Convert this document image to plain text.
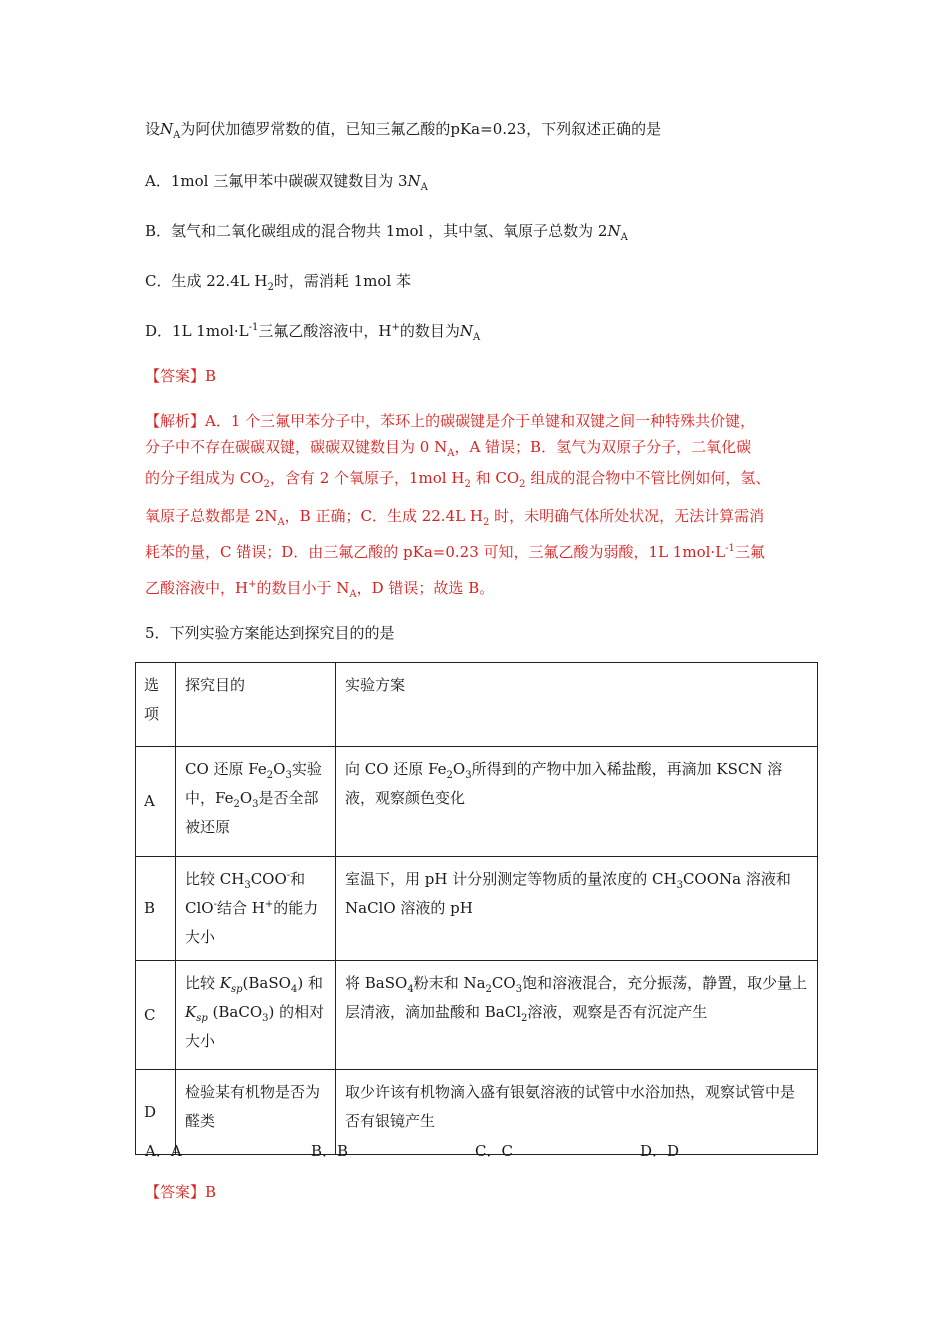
设$N_A$为阿伏加德罗常数的值，已知三氟乙酸的pKa=0.23，下列叙述正确的是
A．1mol 三氟甲苯中碳碳双键数目为 $3N_A$
B．氢气和二氧化碳组成的混合物共 1mol ，其中氢、氧原子总数为 $2N_A$
C．生成 22.4L $H_2$时，需消耗 1mol 苯
D．1L $1mol\cdot L^{-1}$三氟乙酸溶液中，H+的数目为$N_A$
【答案】B
【解析】A．1 个三氟甲苯分子中，苯环上的碳碳键是介于单键和双键之间一种特殊共价键，
分子中不存在碳碳双键，碳碳双键数目为 0 $N_A$，A 错误；B．氢气为双原子分子，二氧化碳
的分子组成为 $CO_2$，含有 2 个氧原子，1mol $H_2$ 和 $CO_2$ 组成的混合物中不管比例如何，氢、
氧原子总数都是 $2N_A$，B 正确；C．生成 22.4L $H_2$ 时，未明确气体所处状况，无法计算需消
耗苯的量，C 错误；D．由三氟乙酸的 pKa=0.23 可知，三氟乙酸为弱酸，1L $1mol\cdot L^{-1}$三氟
乙酸溶液中，H+的数目小于 $N_A$，D 错误；故选 B。
5．下列实验方案能达到探究目的的是
选项	探究目的	实验方案
A	CO 还原 $Fe_2O_3$实验中，$Fe_2O_3$是否全部被还原	向 CO 还原 $Fe_2O_3$所得到的产物中加入稀盐酸，再滴加 KSCN 溶液，观察颜色变化
B	比较 $CH_3COO^-$和 ClO-结合 H+的能力大小	室温下，用 pH 计分别测定等物质的量浓度的 $CH_3COONa$ 溶液和 NaClO 溶液的 pH
C	比较 $K_{sp}(BaSO_4)$ 和 $K_{sp}$ (BaCO$_3$) 的相对大小	将 BaSO$_4$粉末和 $Na_2CO_3$饱和溶液混合，充分振荡，静置，取少量上层清液，滴加盐酸和 BaCl$_2$溶液，观察是否有沉淀产生
D	检验某有机物是否为醛类	取少许该有机物滴入盛有银氨溶液的试管中水浴加热，观察试管中是否有银镜产生
A．A	B．B	C．C	D．D
【答案】B
